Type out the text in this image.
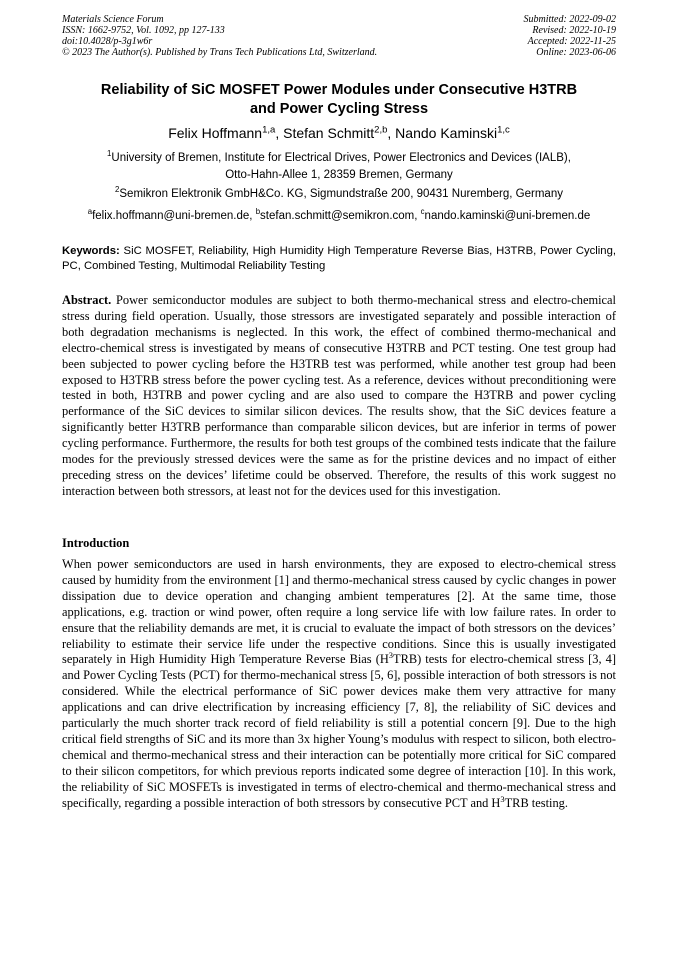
Materials Science Forum
ISSN: 1662-9752, Vol. 1092, pp 127-133
doi:10.4028/p-3g1w6r
© 2023 The Author(s). Published by Trans Tech Publications Ltd, Switzerland.
Submitted: 2022-09-02
Revised: 2022-10-19
Accepted: 2022-11-25
Online: 2023-06-06
Reliability of SiC MOSFET Power Modules under Consecutive H3TRB
and Power Cycling Stress
Felix Hoffmann$^{1,a}$, Stefan Schmitt$^{2,b}$, Nando Kaminski$^{1,c}$
$^1$University of Bremen, Institute for Electrical Drives, Power Electronics and Devices (IALB),
Otto-Hahn-Allee 1, 28359 Bremen, Germany
$^2$Semikron Elektronik GmbH&Co. KG, Sigmundstraße 200, 90431 Nuremberg, Germany
$^a$felix.hoffmann@uni-bremen.de, $^b$stefan.schmitt@semikron.com, $^c$nando.kaminski@uni-bremen.de
Keywords: SiC MOSFET, Reliability, High Humidity High Temperature Reverse Bias, H3TRB, Power Cycling, PC, Combined Testing, Multimodal Reliability Testing
Abstract. Power semiconductor modules are subject to both thermo-mechanical stress and electro-chemical stress during field operation. Usually, those stressors are investigated separately and possible interaction of both degradation mechanisms is neglected. In this work, the effect of combined thermo-mechanical and electro-chemical stress is investigated by means of consecutive H3TRB and PCT testing. One test group had been subjected to power cycling before the H3TRB test was performed, while another test group had been exposed to H3TRB stress before the power cycling test. As a reference, devices without preconditioning were tested in both, H3TRB and power cycling and are also used to compare the H3TRB and power cycling performance of the SiC devices to similar silicon devices. The results show, that the SiC devices feature a significantly better H3TRB performance than comparable silicon devices, but are inferior in terms of power cycling performance. Furthermore, the results for both test groups of the combined tests indicate that the failure modes for the previously stressed devices were the same as for the pristine devices and no impact of either preceding stress on the devices’ lifetime could be observed. Therefore, the results of this work suggest no interaction between both stressors, at least not for the devices used for this investigation.
Introduction
When power semiconductors are used in harsh environments, they are exposed to electro-chemical stress caused by humidity from the environment [1] and thermo-mechanical stress caused by cyclic changes in power dissipation due to device operation and changing ambient temperatures [2]. At the same time, those applications, e.g. traction or wind power, often require a long service life with low failure rates. In order to ensure that the reliability demands are met, it is crucial to evaluate the impact of both stressors on the devices’ reliability to estimate their service life under the respective conditions. Since this is usually investigated separately in High Humidity High Temperature Reverse Bias $(H^3TRB)$ tests for electro-chemical stress [3, 4] and Power Cycling Tests (PCT) for thermo-mechanical stress [5, 6], possible interaction of both stressors is not considered. While the electrical performance of SiC power devices make them very attractive for many applications and can drive electrification by increasing efficiency [7, 8], the reliability of SiC devices and particularly the much shorter track record of field reliability is still a potential concern [9]. Due to the high critical field strengths of SiC and its more than 3x higher Young’s modulus with respect to silicon, both electro-chemical and thermo-mechanical stress and their interaction can be potentially more critical for SiC compared to their silicon competitors, for which previous reports indicated some degree of interaction [10]. In this work, the reliability of SiC MOSFETs is investigated in terms of electro-chemical and thermo-mechanical stress and specifically, regarding a possible interaction of both stressors by consecutive PCT and $H^3TRB$ testing.
